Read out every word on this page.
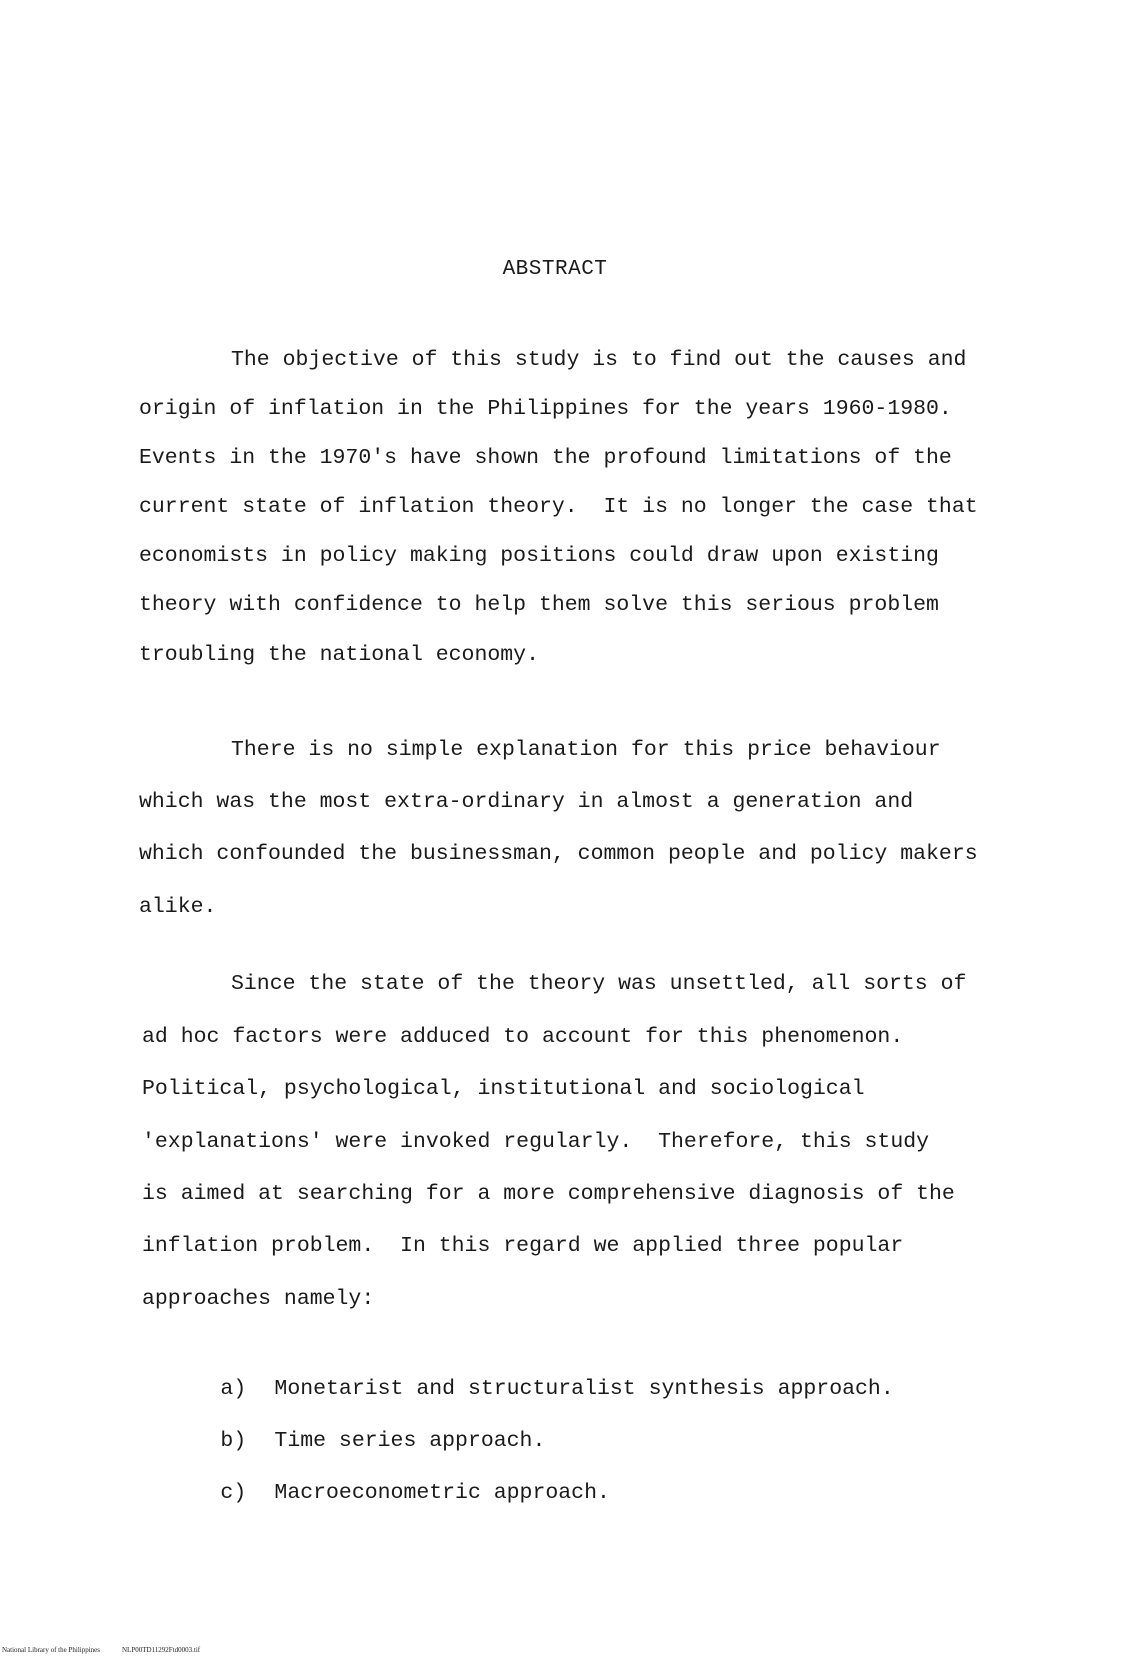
ABSTRACT
The objective of this study is to find out the causes and
origin of inflation in the Philippines for the years 1960-1980.
Events in the 1970's have shown the profound limitations of the
current state of inflation theory.  It is no longer the case that
economists in policy making positions could draw upon existing
theory with confidence to help them solve this serious problem
troubling the national economy.
There is no simple explanation for this price behaviour
which was the most extra-ordinary in almost a generation and
which confounded the businessman, common people and policy makers
alike.
Since the state of the theory was unsettled, all sorts of
ad hoc factors were adduced to account for this phenomenon.
Political, psychological, institutional and sociological
'explanations' were invoked regularly.  Therefore, this study
is aimed at searching for a more comprehensive diagnosis of the
inflation problem.  In this regard we applied three popular
approaches namely:

a) Monetarist and structuralist synthesis approach.

b) Time series approach.

c) Macroeconometric approach.

National Library of the Philippines	NLP00TD11292Ftd0003.tif
